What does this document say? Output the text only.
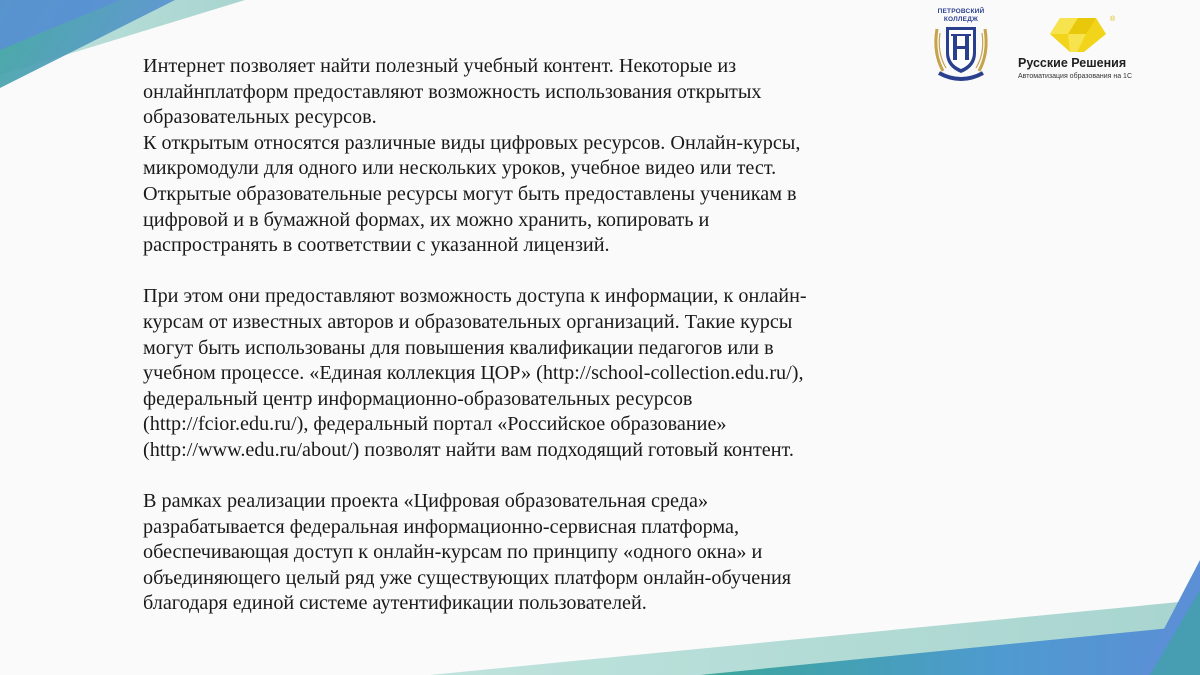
Интернет позволяет найти полезный учебный контент. Некоторые из
онлайнплатформ предоставляют возможность использования открытых
образовательных ресурсов.
К открытым относятся различные виды цифровых ресурсов. Онлайн-курсы,
микромодули для одного или нескольких уроков, учебное видео или тест.
Открытые образовательные ресурсы могут быть предоставлены ученикам в
цифровой и в бумажной формах, их можно хранить, копировать и
распространять в соответствии с указанной лицензий.

При этом они предоставляют возможность доступа к информации, к онлайн-
курсам от известных авторов и образовательных организаций. Такие курсы
могут быть использованы для повышения квалификации педагогов или в
учебном процессе. «Единая коллекция ЦОР» (http://school-collection.edu.ru/),
федеральный центр информационно-образовательных ресурсов
(http://fcior.edu.ru/), федеральный портал «Российское образование»
(http://www.edu.ru/about/) позволят найти вам подходящий готовый контент.

В рамках реализации проекта «Цифровая образовательная среда»
разрабатывается федеральная информационно-сервисная платформа,
обеспечивающая доступ к онлайн-курсам по принципу «одного окна» и
объединяющего целый ряд уже существующих платформ онлайн-обучения
благодаря единой системе аутентификации пользователей.

ПЕТРОВСКИЙ
КОЛЛЕДЖ	®
Русские Решения
Автоматизация образования на 1С
